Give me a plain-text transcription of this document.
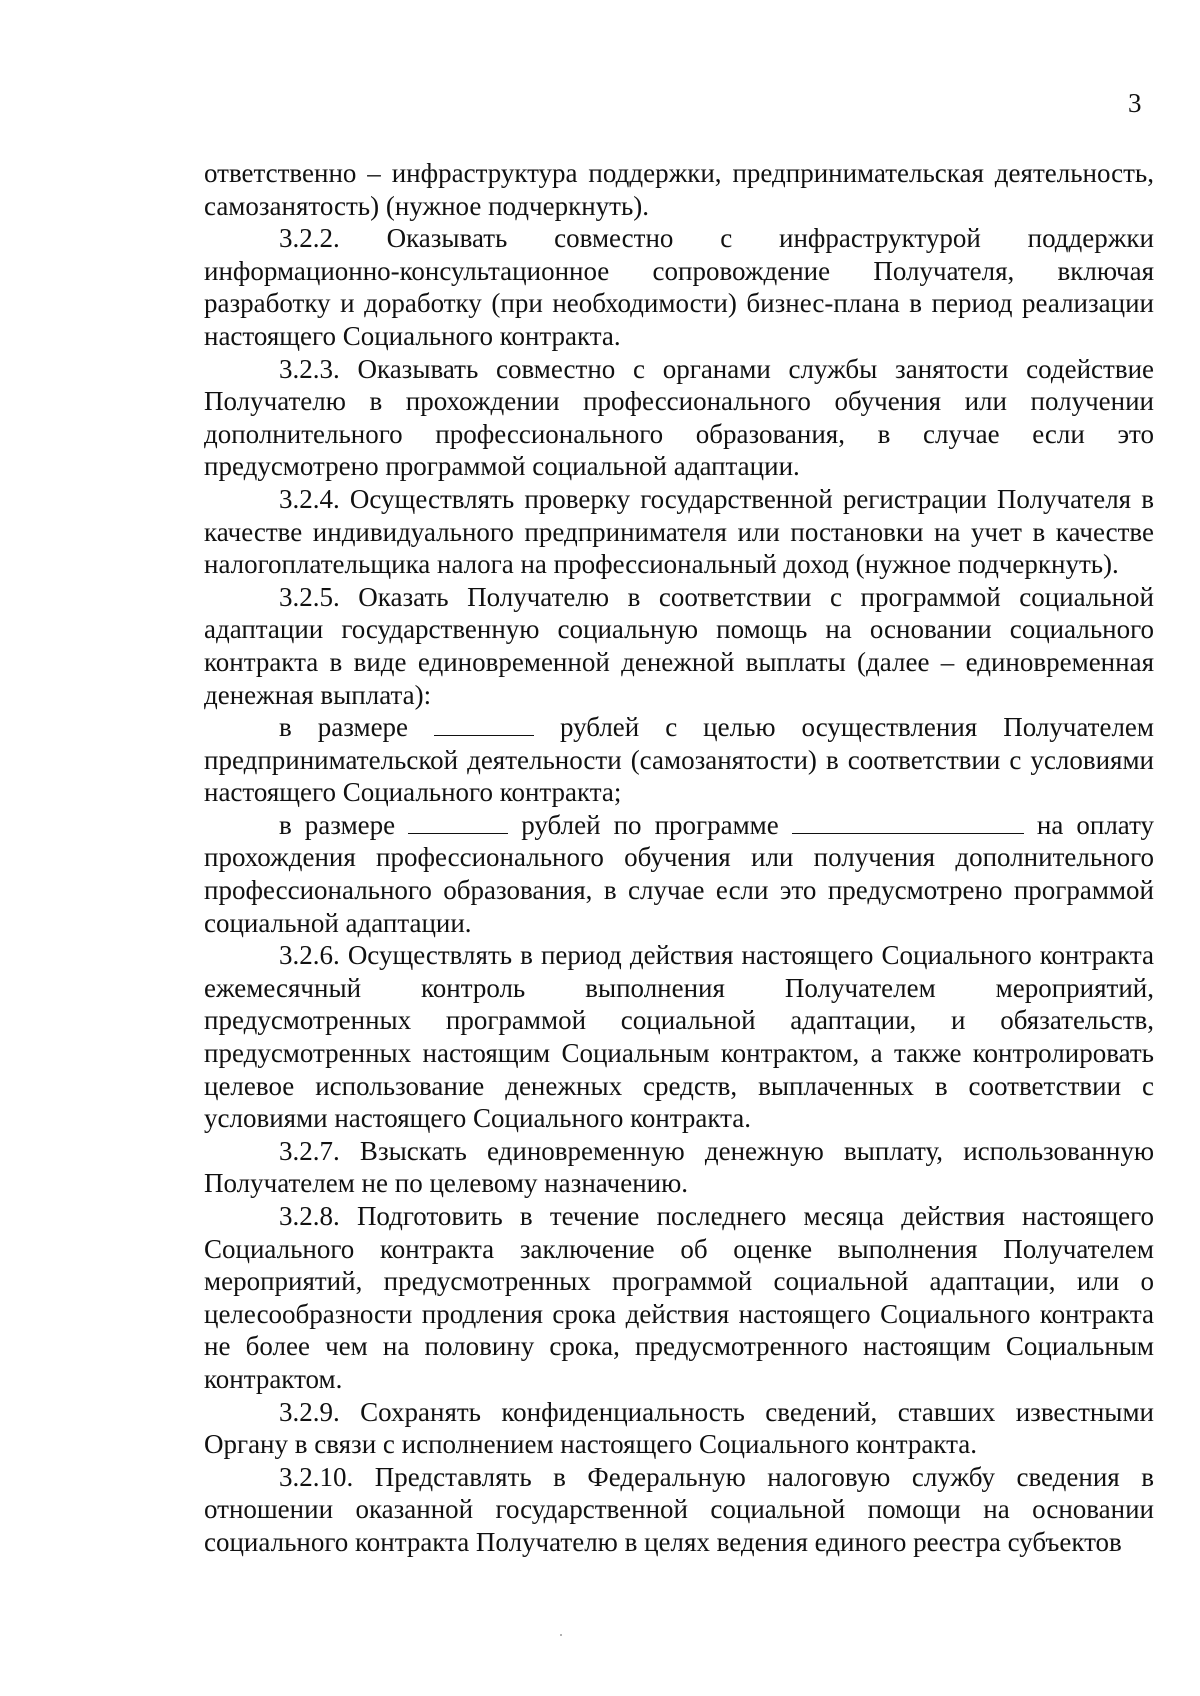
3

ответственно – инфраструктура поддержки, предпринимательская деятельность, самозанятость) (нужное подчеркнуть).

3.2.2. Оказывать совместно с инфраструктурой поддержки информационно-консультационное сопровождение Получателя, включая разработку и доработку (при необходимости) бизнес-плана в период реализации настоящего Социального контракта.

3.2.3. Оказывать совместно с органами службы занятости содействие Получателю в прохождении профессионального обучения или получении дополнительного профессионального образования, в случае если это предусмотрено программой социальной адаптации.

3.2.4. Осуществлять проверку государственной регистрации Получателя в качестве индивидуального предпринимателя или постановки на учет в качестве налогоплательщика налога на профессиональный доход (нужное подчеркнуть).

3.2.5. Оказать Получателю в соответствии с программой социальной адаптации государственную социальную помощь на основании социального контракта в виде единовременной денежной выплаты (далее – единовременная денежная выплата):

в размере	рублей с целью осуществления Получателем предпринимательской деятельности (самозанятости) в соответствии с условиями настоящего Социального контракта;

в размере	рублей по программе	на оплату прохождения профессионального обучения или получения дополнительного профессионального образования, в случае если это предусмотрено программой социальной адаптации.

3.2.6. Осуществлять в период действия настоящего Социального контракта ежемесячный контроль выполнения Получателем мероприятий, предусмотренных программой социальной адаптации, и обязательств, предусмотренных настоящим Социальным контрактом, а также контролировать целевое использование денежных средств, выплаченных в соответствии с условиями настоящего Социального контракта.

3.2.7. Взыскать единовременную денежную выплату, использованную Получателем не по целевому назначению.

3.2.8. Подготовить в течение последнего месяца действия настоящего Социального контракта заключение об оценке выполнения Получателем мероприятий, предусмотренных программой социальной адаптации, или о целесообразности продления срока действия настоящего Социального контракта не более чем на половину срока, предусмотренного настоящим Социальным контрактом.

3.2.9. Сохранять конфиденциальность сведений, ставших известными Органу в связи с исполнением настоящего Социального контракта.

3.2.10. Представлять в Федеральную налоговую службу сведения в отношении оказанной государственной социальной помощи на основании социального контракта Получателю в целях ведения единого реестра субъектов
